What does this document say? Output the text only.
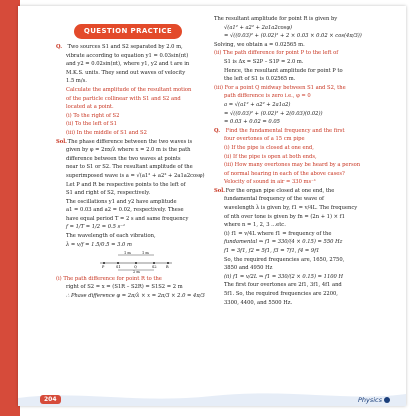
QUESTION PRACTICE
Q. Two sources S1 and S2 separated by 2.0 m,
vibrate according to equation y1 = 0.03sin(πt)
and y2 = 0.02sin(πt), where y1, y2 and t are in
M.K.S. units. They send out waves of velocity
1.5 m/s.
Calculate the amplitude of the resultant motion
of the particle collinear with S1 and S2 and
located at a point.
(i) To the right of S2
(ii) To the left of S1
(iii) In the middle of S1 and S2
Sol. The phase difference between the two waves is
given by φ = 2πx/λ where x = 2.0 m is the path
difference between the two waves at points
near to S1 or S2. The resultant amplitude of the
superimposed wave is a = √(a1² + a2² + 2a1a2cosφ)
Let P and R be respective points to the left of
S1 and right of S2, respectively.
The oscillations y1 and y2 have amplitude
a1 = 0.03 and a2 = 0.02, respectively. These
have equal period T = 2 s and same frequency
f = 1/T = 1/2 = 0.5 s⁻¹
The wavelength of each vibration,
λ = v/f = 1.5/0.5 = 3.0 m
1 m	1 m
P	S1	Q	S2	R
2 m
(i) The path difference for point R to the
right of S2 = x = (S1R – S2R) = S1S2 = 2 m
∴ Phase difference φ = 2π/λ × x = 2π/3 × 2.0 = 4π/3
The resultant amplitude for point R is given by
√(a1² + a2² + 2a1a2cosφ)
= √((0.03)² + (0.02)² + 2 × 0.03 × 0.02 × cos(4π/3))
Solving, we obtain a = 0.02565 m.
(ii) The path difference for point P to the left of
S1 is Δx = S2P – S1P = 2.0 m.
Hence, the resultant amplitude for point P to
the left of S1 is 0.02565 m.
(iii) For a point Q midway between S1 and S2, the
path difference is zero i.e., φ = 0
a = √(a1² + a2² + 2a1a2)
= √((0.03)² + (0.02)² + 2(0.03)(0.02))
= 0.03 + 0.02 = 0.05
Q. Find the fundamental frequency and the first
four overtones of a 15 cm pipe
(i) If the pipe is closed at one end,
(ii) If the pipe is open at both ends,
(iii) How many overtones may be heard by a person
of normal hearing in each of the above cases?
Velocity of sound in air = 330 ms⁻¹
Sol. For the organ pipe closed at one end, the
fundamental frequency of the wave of
wavelength λ is given by, f1 = v/4L. The frequency
of nth over tone is given by fn = (2n + 1) × f1
where n = 1, 2, 3 ...etc.
(i) f1 = v/4L where f1 = frequency of the
fundamental ⇒ f1 = 330/(4 × 0.15) = 550 Hz
f1 = 3f1, f2 = 5f1, f3 = 7f1, f4 = 9f1
So, the required frequencies are, 1650, 2750,
3850 and 4950 Hz
(ii) f1 = v/2L ⇒ f1 = 330/(2 × 0.15) = 1100 H
The first four overtones are 2f1, 3f1, 4f1 and
5f1. So, the required frequencies are 2200,
3300, 4400, and 5500 Hz.
204	Physics
